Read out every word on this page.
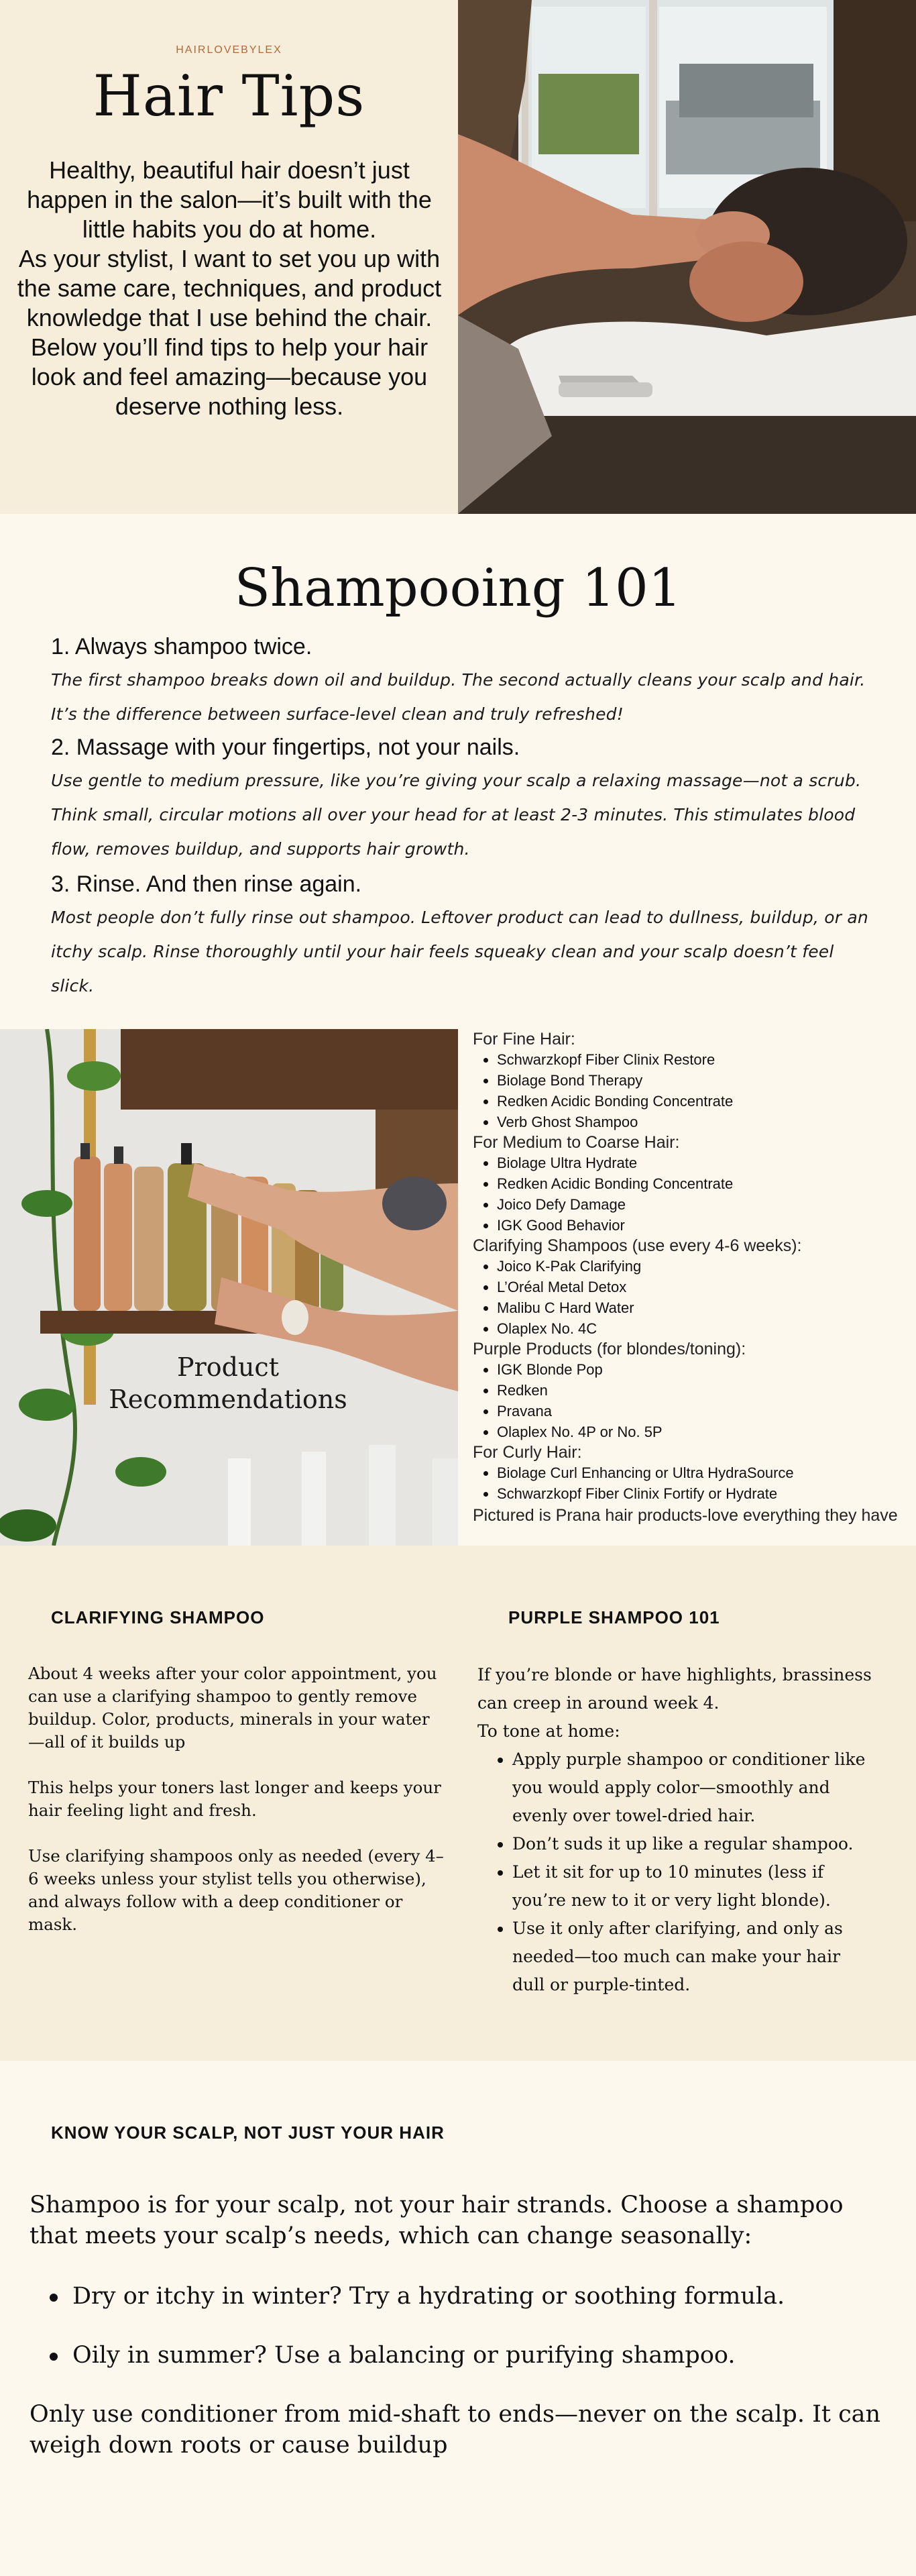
HAIRLOVEBYLEX
Hair Tips

Healthy, beautiful hair doesn’t just happen in the salon—it’s built with the little habits you do at home.

As your stylist, I want to set you up with the same care, techniques, and product knowledge that I use behind the chair.

Below you’ll find tips to help your hair look and feel amazing—because you deserve nothing less.

Shampooing 101
1. Always shampoo twice.

The first shampoo breaks down oil and buildup. The second actually cleans your scalp and hair. It’s the difference between surface-level clean and truly refreshed!

2. Massage with your fingertips, not your nails.

Use gentle to medium pressure, like you’re giving your scalp a relaxing massage—not a scrub. Think small, circular motions all over your head for at least 2-3 minutes. This stimulates blood flow, removes buildup, and supports hair growth.

3. Rinse. And then rinse again.

Most people don’t fully rinse out shampoo. Leftover product can lead to dullness, buildup, or an itchy scalp. Rinse thoroughly until your hair feels squeaky clean and your scalp doesn’t feel slick.

Product Recommendations
For Fine Hair:
• Schwarzkopf Fiber Clinix Restore
• Biolage Bond Therapy
• Redken Acidic Bonding Concentrate
• Verb Ghost Shampoo
For Medium to Coarse Hair:
• Biolage Ultra Hydrate
• Redken Acidic Bonding Concentrate
• Joico Defy Damage
• IGK Good Behavior
Clarifying Shampoos (use every 4-6 weeks):
• Joico K-Pak Clarifying
• L’Oréal Metal Detox
• Malibu C Hard Water
• Olaplex No. 4C
Purple Products (for blondes/toning):
• IGK Blonde Pop
• Redken
• Pravana
• Olaplex No. 4P or No. 5P
For Curly Hair:
• Biolage Curl Enhancing or Ultra HydraSource
• Schwarzkopf Fiber Clinix Fortify or Hydrate
Pictured is Prana hair products-love everything they have
CLARIFYING SHAMPOO

About 4 weeks after your color appointment, you can use a clarifying shampoo to gently remove buildup. Color, products, minerals in your water—all of it builds up

This helps your toners last longer and keeps your hair feeling light and fresh.

Use clarifying shampoos only as needed (every 4–6 weeks unless your stylist tells you otherwise), and always follow with a deep conditioner or mask.

PURPLE SHAMPOO 101

If you’re blonde or have highlights, brassiness can creep in around week 4.

To tone at home:

• Apply purple shampoo or conditioner like you would apply color—smoothly and evenly over towel-dried hair.
• Don’t suds it up like a regular shampoo.
• Let it sit for up to 10 minutes (less if you’re new to it or very light blonde).
• Use it only after clarifying, and only as needed—too much can make your hair dull or purple-tinted.
KNOW YOUR SCALP, NOT JUST YOUR HAIR
Shampoo is for your scalp, not your hair strands. Choose a shampoo that meets your scalp’s needs, which can change seasonally:
Dry or itchy in winter? Try a hydrating or soothing formula.
Oily in summer? Use a balancing or purifying shampoo.
Only use conditioner from mid-shaft to ends—never on the scalp. It can weigh down roots or cause buildup
